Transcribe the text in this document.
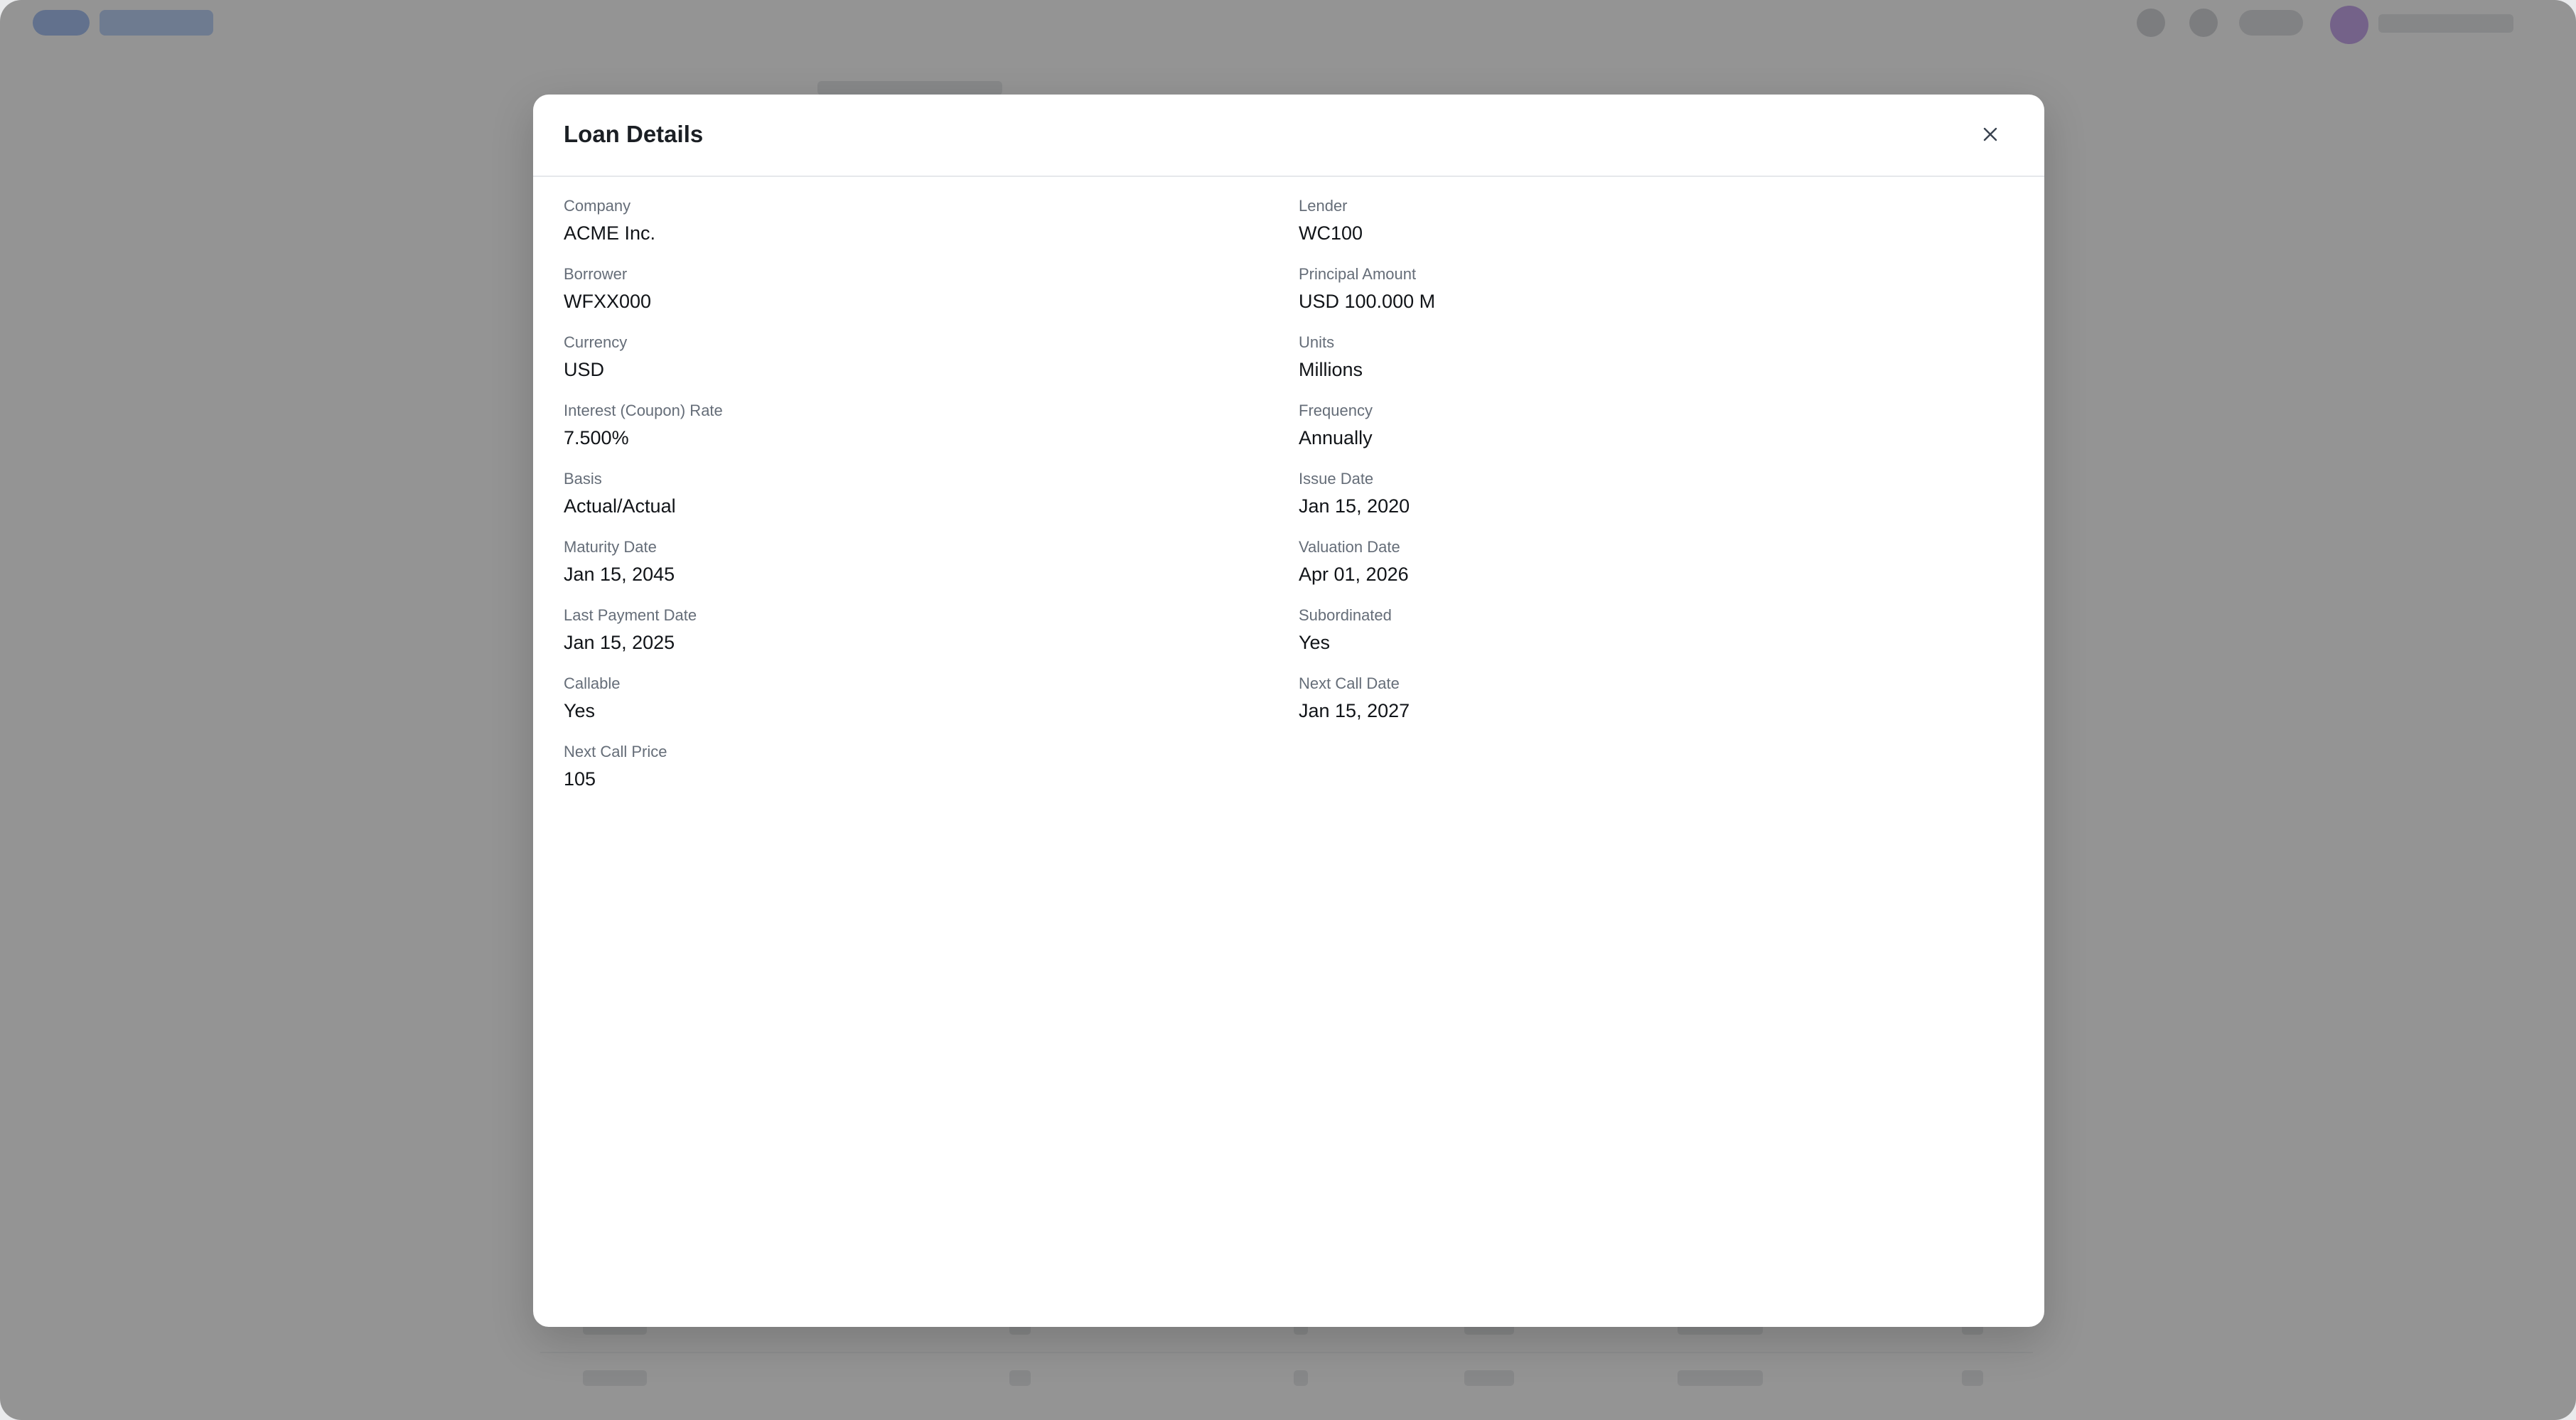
Loan Details
Company
ACME Inc.
Lender
WC100
Borrower
WFXX000
Principal Amount
USD 100.000 M
Currency
USD
Units
Millions
Interest (Coupon) Rate
7.500%
Frequency
Annually
Basis
Actual/Actual
Issue Date
Jan 15, 2020
Maturity Date
Jan 15, 2045
Valuation Date
Apr 01, 2026
Last Payment Date
Jan 15, 2025
Subordinated
Yes
Callable
Yes
Next Call Date
Jan 15, 2027
Next Call Price
105
